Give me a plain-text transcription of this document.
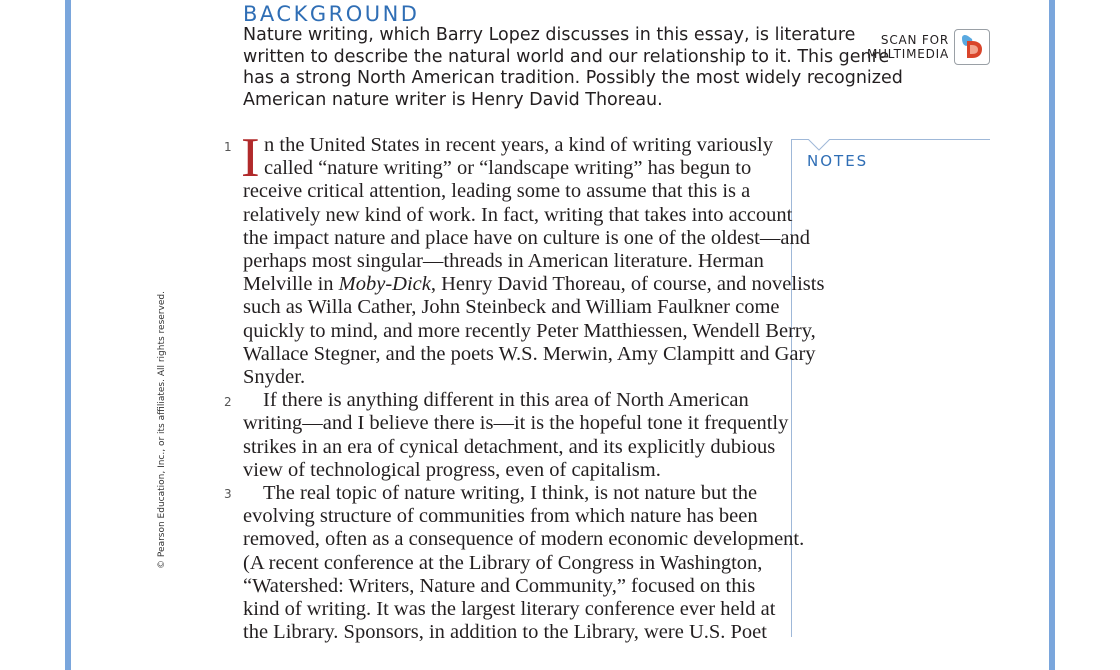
BACKGROUND
Nature writing, which Barry Lopez discusses in this essay, is literature
written to describe the natural world and our relationship to it. This genre
has a strong North American tradition. Possibly the most widely recognized
American nature writer is Henry David Thoreau.
SCAN FOR
MULTIMEDIA
NOTES
© Pearson Education, Inc., or its affiliates. All rights reserved.
1
2
3
I n the United States in recent years, a kind of writing variously
called “nature writing” or “landscape writing” has begun to
receive critical attention, leading some to assume that this is a
relatively new kind of work. In fact, writing that takes into account
the impact nature and place have on culture is one of the oldest—and
perhaps most singular—threads in American literature. Herman
Melville in Moby-Dick, Henry David Thoreau, of course, and novelists
such as Willa Cather, John Steinbeck and William Faulkner come
quickly to mind, and more recently Peter Matthiessen, Wendell Berry,
Wallace Stegner, and the poets W.S. Merwin, Amy Clampitt and Gary
Snyder.
If there is anything different in this area of North American
writing—and I believe there is—it is the hopeful tone it frequently
strikes in an era of cynical detachment, and its explicitly dubious
view of technological progress, even of capitalism.
The real topic of nature writing, I think, is not nature but the
evolving structure of communities from which nature has been
removed, often as a consequence of modern economic development.
(A recent conference at the Library of Congress in Washington,
“Watershed: Writers, Nature and Community,” focused on this
kind of writing. It was the largest literary conference ever held at
the Library. Sponsors, in addition to the Library, were U.S. Poet
